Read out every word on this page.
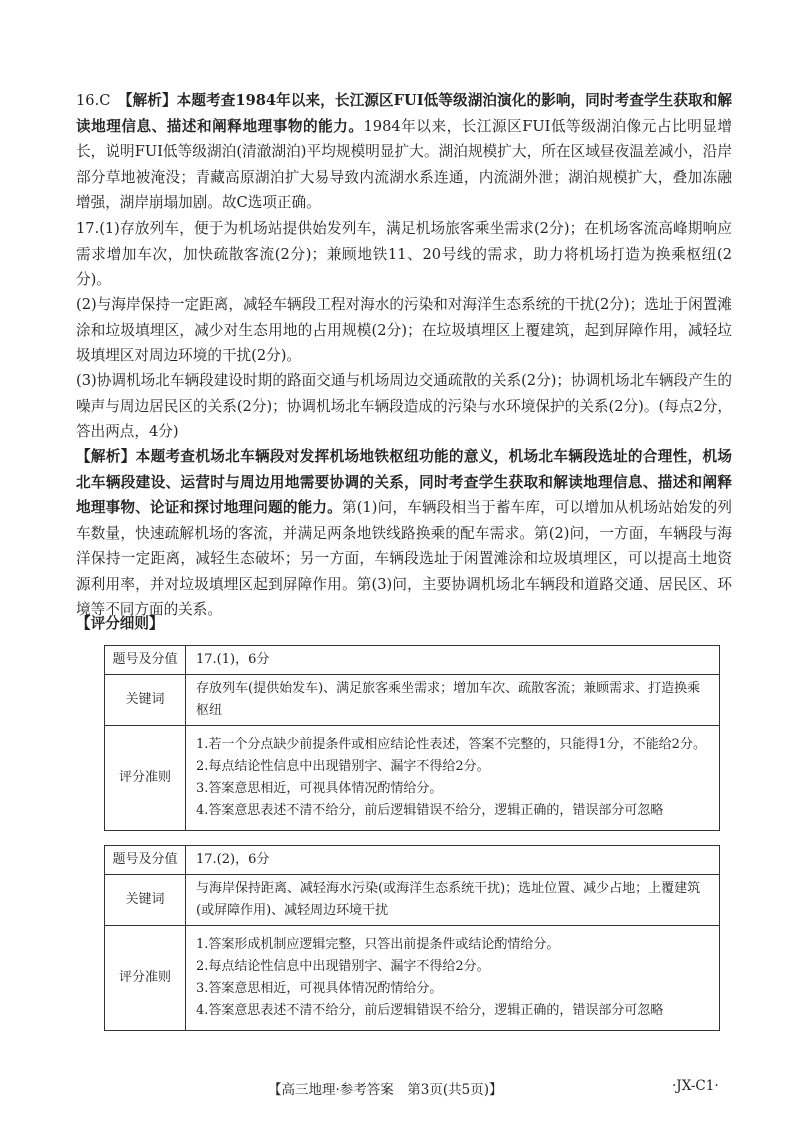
16.C　 【解析】本题考查1984年以来，长江源区FUI低等级湖泊演化的影响，同时考查学生获取和解读地理信息、描述和阐释地理事物的能力。1984年以来，长江源区FUI低等级湖泊像元占比明显增长，说明FUI低等级湖泊(清澈湖泊)平均规模明显扩大。湖泊规模扩大，所在区域昼夜温差减小，沿岸部分草地被淹没；青藏高原湖泊扩大易导致内流湖水系连通，内流湖外泄；湖泊规模扩大，叠加冻融增强，湖岸崩塌加剧。故C选项正确。

17.(1)存放列车，便于为机场站提供始发列车，满足机场旅客乘坐需求(2分)；在机场客流高峰期响应需求增加车次，加快疏散客流(2分)；兼顾地铁11、20号线的需求，助力将机场打造为换乘枢纽(2分)。

(2)与海岸保持一定距离，减轻车辆段工程对海水的污染和对海洋生态系统的干扰(2分)；选址于闲置滩涂和垃圾填埋区，减少对生态用地的占用规模(2分)；在垃圾填埋区上覆建筑，起到屏障作用，减轻垃圾填埋区对周边环境的干扰(2分)。

(3)协调机场北车辆段建设时期的路面交通与机场周边交通疏散的关系(2分)；协调机场北车辆段产生的噪声与周边居民区的关系(2分)；协调机场北车辆段造成的污染与水环境保护的关系(2分)。(每点2分，答出两点，4分)

【解析】本题考查机场北车辆段对发挥机场地铁枢纽功能的意义，机场北车辆段选址的合理性，机场北车辆段建设、运营时与周边用地需要协调的关系，同时考查学生获取和解读地理信息、描述和阐释地理事物、论证和探讨地理问题的能力。第(1)问，车辆段相当于蓄车库，可以增加从机场站始发的列车数量，快速疏解机场的客流，并满足两条地铁线路换乘的配车需求。第(2)问，一方面，车辆段与海洋保持一定距离，减轻生态破坏；另一方面，车辆段选址于闲置滩涂和垃圾填埋区，可以提高土地资源利用率，并对垃圾填埋区起到屏障作用。第(3)问，主要协调机场北车辆段和道路交通、居民区、环境等不同方面的关系。

【评分细则】
题号及分值	17.(1)，6分
关键词	存放列车(提供始发车)、满足旅客乘坐需求；增加车次、疏散客流；兼顾需求、打造换乘枢纽
评分准则	1.若一个分点缺少前提条件或相应结论性表述，答案不完整的，只能得1分，不能给2分。
2.每点结论性信息中出现错别字、漏字不得给2分。
3.答案意思相近，可视具体情况酌情给分。
4.答案意思表述不清不给分，前后逻辑错误不给分，逻辑正确的，错误部分可忽略
题号及分值	17.(2)，6分
关键词	与海岸保持距离、减轻海水污染(或海洋生态系统干扰)；选址位置、减少占地；上覆建筑(或屏障作用)、减轻周边环境干扰
评分准则	1.答案形成机制应逻辑完整，只答出前提条件或结论酌情给分。
2.每点结论性信息中出现错别字、漏字不得给2分。
3.答案意思相近，可视具体情况酌情给分。
4.答案意思表述不清不给分，前后逻辑错误不给分，逻辑正确的，错误部分可忽略
【高三地理·参考答案　第3页(共5页)】	·JX-C1·
